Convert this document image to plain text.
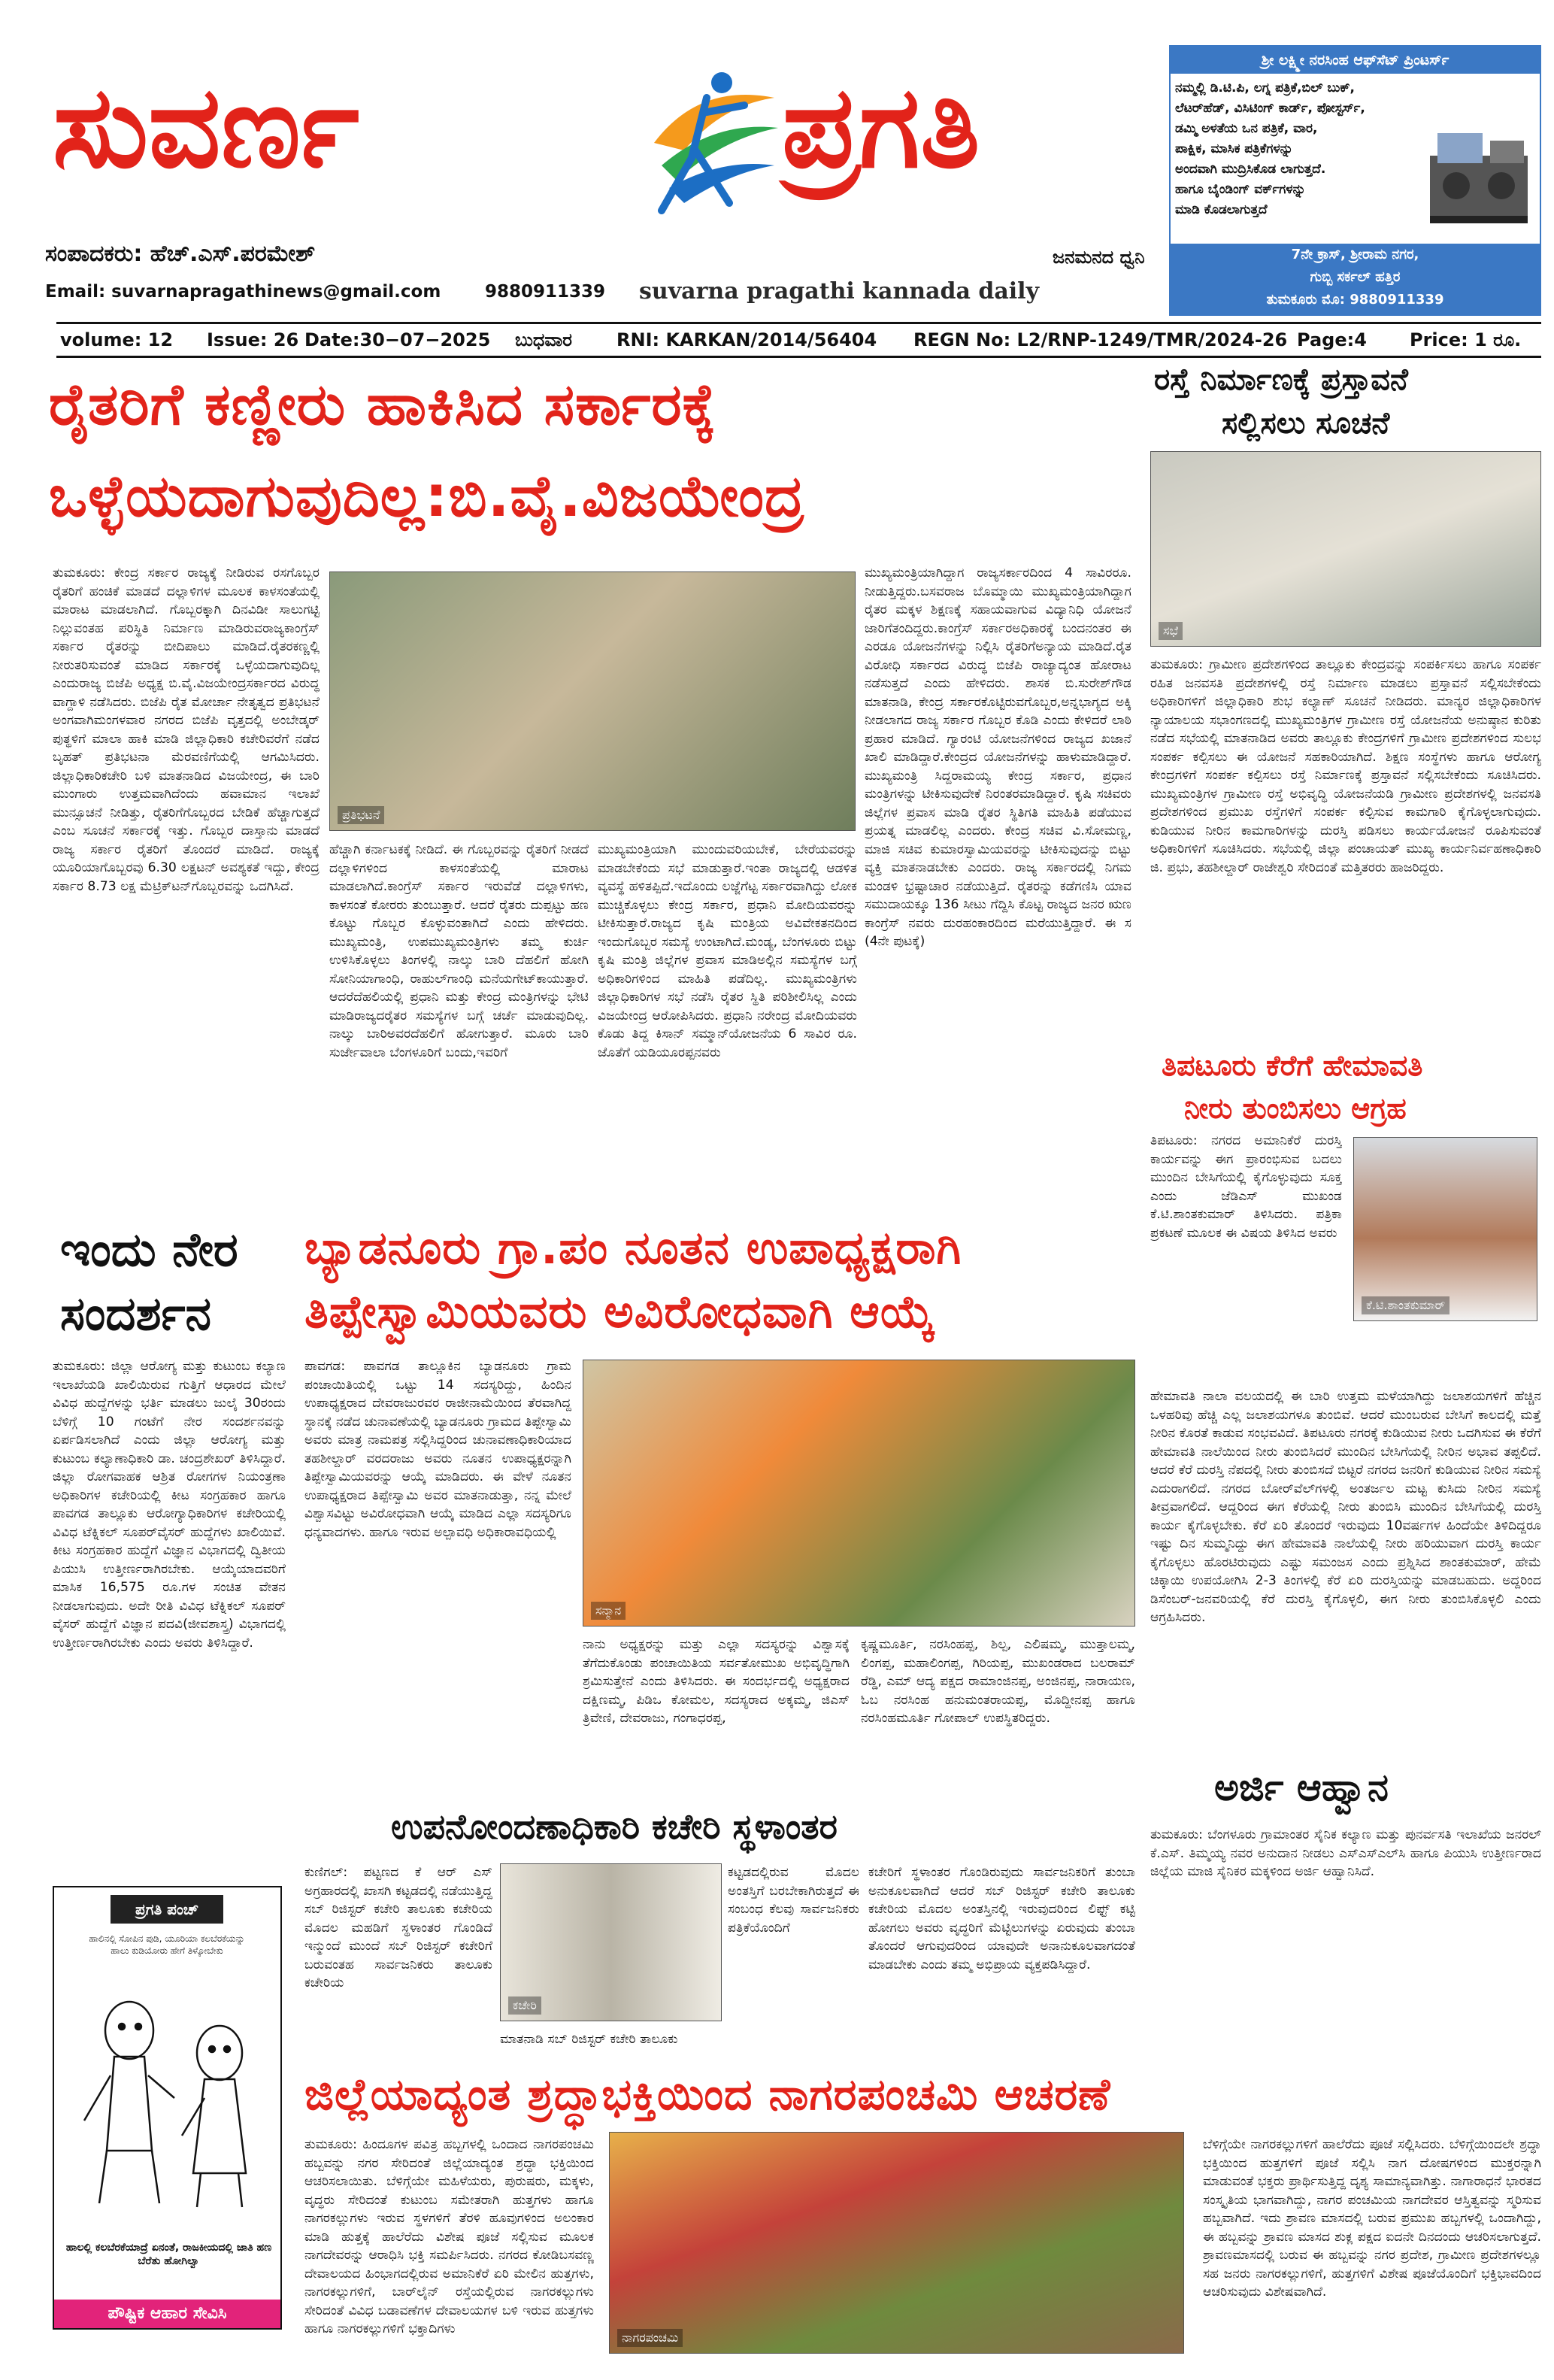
ಸುವರ್ಣ	ಪ್ರಗತಿ
ಸಂಪಾದಕರು: ಹೆಚ್.ಎಸ್.ಪರಮೇಶ್	ಜನಮನದ ಧ್ವನಿ
Email: suvarnapragathinews@gmail.com	9880911339 suvarna pragathi kannada daily
ಶ್ರೀ ಲಕ್ಷ್ಮೀ ನರಸಿಂಹ ಆಫ್‌ಸೆಟ್ ಪ್ರಿಂಟರ್ಸ್
ನಮ್ಮಲ್ಲಿ ಡಿ.ಟಿ.ಪಿ, ಲಗ್ನ ಪತ್ರಿಕೆ,ಬಿಲ್ ಬುಕ್,
ಲೆಟರ್‌ಹೆಡ್, ವಿಸಿಟಿಂಗ್ ಕಾರ್ಡ್, ಪೋಸ್ಟರ್ಸ್,
ಡಮ್ಮಿ ಅಳತೆಯ ಒನ ಪತ್ರಿಕೆ, ವಾರ,
ಪಾಕ್ಷಿಕ, ಮಾಸಿಕ ಪತ್ರಿಕೆಗಳನ್ನು
ಅಂದವಾಗಿ ಮುದ್ರಿಸಿಕೊಡ ಲಾಗುತ್ತದೆ.
ಹಾಗೂ ಬೈಂಡಿಂಗ್ ವರ್ಕ್‌ಗಳನ್ನು
ಮಾಡಿ ಕೊಡಲಾಗುತ್ತದೆ
7ನೇ ಕ್ರಾಸ್, ಶ್ರೀರಾಮ ನಗರ,
ಗುಬ್ಬಿ ಸರ್ಕಲ್ ಹತ್ತಿರ
ತುಮಕೂರು ಮೊ: 9880911339
volume: 12 Issue: 26 Date:30−07−2025 ಬುಧವಾರ RNI: KARKAN/2014/56404 REGN No: L2/RNP-1249/TMR/2024-26 Page:4 Price: 1 ರೂ.
ರೈತರಿಗೆ ಕಣ್ಣೀರು ಹಾಕಿಸಿದ ಸರ್ಕಾರಕ್ಕೆ
ಒಳ್ಳೆಯದಾಗುವುದಿಲ್ಲ:ಬಿ.ವೈ.ವಿಜಯೇಂದ್ರ
ತುಮಕೂರು: ಕೇಂದ್ರ ಸರ್ಕಾರ ರಾಜ್ಯಕ್ಕೆ ನೀಡಿರುವ ರಸಗೊಬ್ಬರ ರೈತರಿಗೆ ಹಂಚಿಕೆ ಮಾಡದೆ ದಲ್ಲಾಳಿಗಳ ಮೂಲಕ ಕಾಳಸಂತೆಯಲ್ಲಿ ಮಾರಾಟ ಮಾಡಲಾಗಿದೆ. ಗೊಬ್ಬರಕ್ಕಾಗಿ ದಿನವಿಡೀ ಸಾಲುಗಟ್ಟಿ ನಿಲ್ಲುವಂತಹ ಪರಿಸ್ಥಿತಿ ನಿರ್ಮಾಣ ಮಾಡಿರುವರಾಜ್ಯಕಾಂಗ್ರೆಸ್ ಸರ್ಕಾರ ರೈತರನ್ನು ಬೀದಿಪಾಲು ಮಾಡಿದೆ.ರೈತರಕಣ್ಣಲ್ಲಿ ನೀರುತರಿಸುವಂತೆ ಮಾಡಿದ ಸರ್ಕಾರಕ್ಕೆ ಒಳ್ಳೆಯದಾಗುವುದಿಲ್ಲ ಎಂದುರಾಜ್ಯ ಬಿಜೆಪಿ ಅಧ್ಯಕ್ಷ ಬಿ.ವೈ.ವಿಜಯೇಂದ್ರಸರ್ಕಾರದ ವಿರುದ್ಧ ವಾಗ್ದಾಳಿ ನಡೆಸಿದರು. ಬಿಜೆಪಿ ರೈತ ಮೋರ್ಚಾ ನೇತೃತ್ವದ ಪ್ರತಿಭಟನೆ ಅಂಗವಾಗಿಮಂಗಳವಾರ ನಗರದ ಬಿಜೆಪಿ ವೃತ್ತದಲ್ಲಿ ಅಂಬೇಡ್ಕರ್ ಪುತ್ಥಳಿಗೆ ಮಾಲಾ ಹಾಕಿ ಮಾಡಿ ಜಿಲ್ಲಾಧಿಕಾರಿ ಕಚೇರಿವರೆಗೆ ನಡೆದ ಬೃಹತ್ ಪ್ರತಿಭಟನಾ ಮೆರವಣಿಗೆಯಲ್ಲಿ ಆಗಮಿಸಿದರು. ಜಿಲ್ಲಾಧಿಕಾರಿಕಚೇರಿ ಬಳಿ ಮಾತನಾಡಿದ ವಿಜಯೇಂದ್ರ, ಈ ಬಾರಿ ಮುಂಗಾರು ಉತ್ತಮವಾಗಿದೆಂದು ಹವಾಮಾನ ಇಲಾಖೆ ಮುನ್ಸೂಚನೆ ನೀಡಿತ್ತು, ರೈತರಿಗೆಗೊಬ್ಬರದ ಬೇಡಿಕೆ ಹೆಚ್ಚಾಗುತ್ತದೆ ಎಂಬ ಸೂಚನೆ ಸರ್ಕಾರಕ್ಕೆ ಇತ್ತು. ಗೊಬ್ಬರ ದಾಸ್ತಾನು ಮಾಡದೆ ರಾಜ್ಯ ಸರ್ಕಾರ ರೈತರಿಗೆ ತೊಂದರೆ ಮಾಡಿದೆ. ರಾಜ್ಯಕ್ಕೆ ಯೂರಿಯಾಗೊಬ್ಬರವು 6.30 ಲಕ್ಷಟನ್ ಅವಶ್ಯಕತೆ ಇದ್ದು, ಕೇಂದ್ರ ಸರ್ಕಾರ 8.73 ಲಕ್ಷ ಮೆಟ್ರಿಕ್‌ಟನ್‌ಗೊಬ್ಬರವನ್ನು ಒದಗಿಸಿದೆ.
ಪ್ರತಿಭಟನೆ
ಹೆಚ್ಚಾಗಿ ಕರ್ನಾಟಕಕ್ಕೆ ನೀಡಿದೆ. ಈ ಗೊಬ್ಬರವನ್ನು ರೈತರಿಗೆ ನೀಡದೆ ದಲ್ಲಾಳಿಗಳಿಂದ ಕಾಳಸಂತೆಯಲ್ಲಿ ಮಾರಾಟ ಮಾಡಲಾಗಿದೆ.ಕಾಂಗ್ರೆಸ್ ಸರ್ಕಾರ ಇರುವೆಡೆ ದಲ್ಲಾಳಿಗಳು, ಕಾಳಸಂತೆ ಕೋರರು ತುಂಬುತ್ತಾರೆ. ಆದರೆ ರೈತರು ದುಪ್ಪಟ್ಟು ಹಣ ಕೊಟ್ಟು ಗೊಬ್ಬರ ಕೊಳ್ಳುವಂತಾಗಿದೆ ಎಂದು ಹೇಳಿದರು. ಮುಖ್ಯಮಂತ್ರಿ, ಉಪಮುಖ್ಯಮಂತ್ರಿಗಳು ತಮ್ಮ ಕುರ್ಚಿ ಉಳಿಸಿಕೊಳ್ಳಲು ತಿಂಗಳಲ್ಲಿ ನಾಲ್ಕು ಬಾರಿ ದೆಹಲಿಗೆ ಹೋಗಿ ಸೋನಿಯಾಗಾಂಧಿ, ರಾಹುಲ್‌ಗಾಂಧಿ ಮನೆಯಗೇಟ್‌ಕಾಯುತ್ತಾರೆ. ಆದರೆದೆಹಲಿಯಲ್ಲಿ ಪ್ರಧಾನಿ ಮತ್ತು ಕೇಂದ್ರ ಮಂತ್ರಿಗಳನ್ನು ಭೇಟಿ ಮಾಡಿರಾಜ್ಯದರೈತರ ಸಮಸ್ಯೆಗಳ ಬಗ್ಗೆ ಚರ್ಚೆ ಮಾಡುವುದಿಲ್ಲ. ನಾಲ್ಕು ಬಾರಿಅವರದೆಹಲಿಗೆ ಹೋಗುತ್ತಾರೆ. ಮೂರು ಬಾರಿ ಸುರ್ಜೇವಾಲಾ ಬೆಂಗಳೂರಿಗೆ ಬಂದು,ಇವರಿಗೆ
ಮುಖ್ಯಮಂತ್ರಿಯಾಗಿ ಮುಂದುವರಿಯಬೇಕೆ, ಬೇರೆಯವರನ್ನು ಮಾಡಬೇಕೆಂದು ಸಭೆ ಮಾಡುತ್ತಾರೆ.ಇಂತಾ ರಾಜ್ಯದಲ್ಲಿ ಆಡಳಿತ ವ್ಯವಸ್ಥೆ ಹಳಿತಪ್ಪಿದೆ.ಇದೊಂದು ಲಜ್ಜೆಗೆಟ್ಟ ಸರ್ಕಾರವಾಗಿದ್ದು ಲೋಕ ಮುಚ್ಚಿಕೊಳ್ಳಲು ಕೇಂದ್ರ ಸರ್ಕಾರ, ಪ್ರಧಾನಿ ಮೋದಿಯವರನ್ನು ಟೀಕಿಸುತ್ತಾರೆ.ರಾಜ್ಯದ ಕೃಷಿ ಮಂತ್ರಿಯ ಅವಿವೇಕತನದಿಂದ ಇಂದುಗೊಬ್ಬರ ಸಮಸ್ಯೆ ಉಂಟಾಗಿದೆ.ಮಂಡ್ಯ, ಬೆಂಗಳೂರು ಬಿಟ್ಟು ಕೃಷಿ ಮಂತ್ರಿ ಜಿಲ್ಲೆಗಳ ಪ್ರವಾಸ ಮಾಡಿಅಲ್ಲಿನ ಸಮಸ್ಯೆಗಳ ಬಗ್ಗೆ ಅಧಿಕಾರಿಗಳಿಂದ ಮಾಹಿತಿ ಪಡೆದಿಲ್ಲ. ಮುಖ್ಯಮಂತ್ರಿಗಳು ಜಿಲ್ಲಾಧಿಕಾರಿಗಳ ಸಭೆ ನಡೆಸಿ ರೈತರ ಸ್ಥಿತಿ ಪರಿಶೀಲಿಸಿಲ್ಲ ಎಂದು ವಿಜಯೇಂದ್ರ ಆರೋಪಿಸಿದರು. ಪ್ರಧಾನಿ ನರೇಂದ್ರ ಮೋದಿಯವರು ಕೊಡು ತಿದ್ದ ಕಿಸಾನ್ ಸಮ್ಮಾನ್‌ಯೋಜನೆಯ 6 ಸಾವಿರ ರೂ. ಜೊತೆಗೆ ಯಡಿಯೂರಪ್ಪನವರು
ಮುಖ್ಯಮಂತ್ರಿಯಾಗಿದ್ದಾಗ ರಾಜ್ಯಸರ್ಕಾರದಿಂದ 4 ಸಾವಿರರೂ. ನೀಡುತ್ತಿದ್ದರು.ಬಸವರಾಜ ಬೊಮ್ಮಾಯಿ ಮುಖ್ಯಮಂತ್ರಿಯಾಗಿದ್ದಾಗ ರೈತರ ಮಕ್ಕಳ ಶಿಕ್ಷಣಕ್ಕೆ ಸಹಾಯವಾಗುವ ವಿದ್ಯಾನಿಧಿ ಯೋಜನೆ ಜಾರಿಗೆತಂದಿದ್ದರು.ಕಾಂಗ್ರೆಸ್ ಸರ್ಕಾರಅಧಿಕಾರಕ್ಕೆ ಬಂದನಂತರ ಈ ಎರಡೂ ಯೋಜನೆಗಳನ್ನು ನಿಲ್ಲಿಸಿ ರೈತರಿಗೆಅನ್ಯಾಯ ಮಾಡಿದೆ.ರೈತ ವಿರೋಧಿ ಸರ್ಕಾರದ ವಿರುದ್ಧ ಬಿಜೆಪಿ ರಾಜ್ಯಾದ್ಯಂತ ಹೋರಾಟ ನಡೆಸುತ್ತದೆ ಎಂದು ಹೇಳಿದರು. ಶಾಸಕ ಬಿ.ಸುರೇಶ್‌ಗೌಡ ಮಾತನಾಡಿ, ಕೇಂದ್ರ ಸರ್ಕಾರಕೊಟ್ಟಿರುವಗೊಬ್ಬರ,ಅನ್ನಭಾಗ್ಯದ ಅಕ್ಕಿ ನೀಡಲಾಗದ ರಾಜ್ಯ ಸರ್ಕಾರ ಗೊಬ್ಬರ ಕೊಡಿ ಎಂದು ಕೇಳಿದರೆ ಲಾಠಿ ಪ್ರಹಾರ ಮಾಡಿದೆ. ಗ್ಯಾರಂಟಿ ಯೋಜನೆಗಳಿಂದ ರಾಜ್ಯದ ಖಜಾನೆ ಖಾಲಿ ಮಾಡಿದ್ದಾರೆ.ಕೇಂದ್ರದ ಯೋಜನೆಗಳನ್ನು ಹಾಳುಮಾಡಿದ್ದಾರೆ. ಮುಖ್ಯಮಂತ್ರಿ ಸಿದ್ದರಾಮಯ್ಯ ಕೇಂದ್ರ ಸರ್ಕಾರ, ಪ್ರಧಾನ ಮಂತ್ರಿಗಳನ್ನು ಟೀಕಿಸುವುದೇಕೆ ನಿರಂತರಮಾಡಿದ್ದಾರೆ. ಕೃಷಿ ಸಚಿವರು ಜಿಲ್ಲೆಗಳ ಪ್ರವಾಸ ಮಾಡಿ ರೈತರ ಸ್ಥಿತಿಗತಿ ಮಾಹಿತಿ ಪಡೆಯುವ ಪ್ರಯತ್ನ ಮಾಡಲಿಲ್ಲ ಎಂದರು. ಕೇಂದ್ರ ಸಚಿವ ವಿ.ಸೋಮಣ್ಣ, ಮಾಜಿ ಸಚಿವ ಕುಮಾರಸ್ವಾಮಿಯವರನ್ನು ಟೀಕಿಸುವುದನ್ನು ಬಿಟ್ಟು ವ್ಯಕ್ತಿ ಮಾತನಾಡಬೇಕು ಎಂದರು. ರಾಜ್ಯ ಸರ್ಕಾರದಲ್ಲಿ ನಿಗಮ ಮಂಡಳಿ ಭ್ರಷ್ಟಾಚಾರ ನಡೆಯುತ್ತಿದೆ. ರೈತರನ್ನು ಕಡೆಗಣಿಸಿ ಯಾವ ಸಮುದಾಯಕ್ಕೂ 136 ಸೀಟು ಗೆದ್ದಿಸಿ ಕೊಟ್ಟ ರಾಜ್ಯದ ಜನರ ಋಣ ಕಾಂಗ್ರೆಸ್ ನವರು ದುರಹಂಕಾರದಿಂದ ಮರೆಯುತ್ತಿದ್ದಾರೆ. ಈ ಸ (4ನೇ ಪುಟಕ್ಕೆ)
ರಸ್ತೆ ನಿರ್ಮಾಣಕ್ಕೆ ಪ್ರಸ್ತಾವನೆ
ಸಲ್ಲಿಸಲು ಸೂಚನೆ
ಸಭೆ
ತುಮಕೂರು: ಗ್ರಾಮೀಣ ಪ್ರದೇಶಗಳಿಂದ ತಾಲ್ಲೂಕು ಕೇಂದ್ರವನ್ನು ಸಂಪರ್ಕಿಸಲು ಹಾಗೂ ಸಂಪರ್ಕ ರಹಿತ ಜನವಸತಿ ಪ್ರದೇಶಗಳಲ್ಲಿ ರಸ್ತೆ ನಿರ್ಮಾಣ ಮಾಡಲು ಪ್ರಸ್ತಾವನೆ ಸಲ್ಲಿಸಬೇಕೆಂದು ಅಧಿಕಾರಿಗಳಿಗೆ ಜಿಲ್ಲಾಧಿಕಾರಿ ಶುಭ ಕಲ್ಯಾಣ್ ಸೂಚನೆ ನೀಡಿದರು. ಮಾನ್ಯರ ಜಿಲ್ಲಾಧಿಕಾರಿಗಳ ನ್ಯಾಯಾಲಯ ಸಭಾಂಗಣದಲ್ಲಿ ಮುಖ್ಯಮಂತ್ರಿಗಳ ಗ್ರಾಮೀಣ ರಸ್ತೆ ಯೋಜನೆಯ ಅನುಷ್ಠಾನ ಕುರಿತು ನಡೆದ ಸಭೆಯಲ್ಲಿ ಮಾತನಾಡಿದ ಅವರು ತಾಲ್ಲೂಕು ಕೇಂದ್ರಗಳಿಗೆ ಗ್ರಾಮೀಣ ಪ್ರದೇಶಗಳಿಂದ ಸುಲಭ ಸಂಪರ್ಕ ಕಲ್ಪಿಸಲು ಈ ಯೋಜನೆ ಸಹಕಾರಿಯಾಗಿದೆ. ಶಿಕ್ಷಣ ಸಂಸ್ಥೆಗಳು ಹಾಗೂ ಆರೋಗ್ಯ ಕೇಂದ್ರಗಳಿಗೆ ಸಂಪರ್ಕ ಕಲ್ಪಿಸಲು ರಸ್ತೆ ನಿರ್ಮಾಣಕ್ಕೆ ಪ್ರಸ್ತಾವನೆ ಸಲ್ಲಿಸಬೇಕೆಂದು ಸೂಚಿಸಿದರು. ಮುಖ್ಯಮಂತ್ರಿಗಳ ಗ್ರಾಮೀಣ ರಸ್ತೆ ಅಭಿವೃದ್ಧಿ ಯೋಜನೆಯಡಿ ಗ್ರಾಮೀಣ ಪ್ರದೇಶಗಳಲ್ಲಿ ಜನವಸತಿ ಪ್ರದೇಶಗಳಿಂದ ಪ್ರಮುಖ ರಸ್ತೆಗಳಿಗೆ ಸಂಪರ್ಕ ಕಲ್ಪಿಸುವ ಕಾಮಗಾರಿ ಕೈಗೊಳ್ಳಲಾಗುವುದು. ಕುಡಿಯುವ ನೀರಿನ ಕಾಮಗಾರಿಗಳನ್ನು ದುರಸ್ತಿ ಪಡಿಸಲು ಕಾರ್ಯಯೋಜನೆ ರೂಪಿಸುವಂತೆ ಅಧಿಕಾರಿಗಳಿಗೆ ಸೂಚಿಸಿದರು. ಸಭೆಯಲ್ಲಿ ಜಿಲ್ಲಾ ಪಂಚಾಯತ್ ಮುಖ್ಯ ಕಾರ್ಯನಿರ್ವಹಣಾಧಿಕಾರಿ ಜಿ. ಪ್ರಭು, ತಹಶೀಲ್ದಾರ್ ರಾಜೇಶ್ವರಿ ಸೇರಿದಂತೆ ಮತ್ತಿತರರು ಹಾಜರಿದ್ದರು.
ತಿಪಟೂರು ಕೆರೆಗೆ ಹೇಮಾವತಿ
ನೀರು ತುಂಬಿಸಲು ಆಗ್ರಹ
ತಿಪಟೂರು: ನಗರದ ಅಮಾನಿಕೆರೆ ದುರಸ್ತಿ ಕಾರ್ಯವನ್ನು ಈಗ ಪ್ರಾರಂಭಿಸುವ ಬದಲು ಮುಂದಿನ ಬೇಸಿಗೆಯಲ್ಲಿ ಕೈಗೊಳ್ಳುವುದು ಸೂಕ್ತ ಎಂದು ಜೆಡಿಎಸ್ ಮುಖಂಡ ಕೆ.ಟಿ.ಶಾಂತಕುಮಾರ್ ತಿಳಿಸಿದರು. ಪತ್ರಿಕಾ ಪ್ರಕಟಣೆ ಮೂಲಕ ಈ ವಿಷಯ ತಿಳಿಸಿದ ಅವರು
ಕೆ.ಟಿ.ಶಾಂತಕುಮಾರ್
ಹೇಮಾವತಿ ನಾಲಾ ವಲಯದಲ್ಲಿ ಈ ಬಾರಿ ಉತ್ತಮ ಮಳೆಯಾಗಿದ್ದು ಜಲಾಶಯಗಳಿಗೆ ಹೆಚ್ಚಿನ ಒಳಹರಿವು ಹೆಚ್ಚಿ ಎಲ್ಲ ಜಲಾಶಯಗಳೂ ತುಂಬಿವೆ. ಆದರೆ ಮುಂಬರುವ ಬೇಸಿಗೆ ಕಾಲದಲ್ಲಿ ಮತ್ತೆ ನೀರಿನ ಕೊರತೆ ಕಾಡುವ ಸಂಭವವಿದೆ. ತಿಪಟೂರು ನಗರಕ್ಕೆ ಕುಡಿಯುವ ನೀರು ಒದಗಿಸುವ ಈ ಕೆರೆಗೆ ಹೇಮಾವತಿ ನಾಲೆಯಿಂದ ನೀರು ತುಂಬಿಸಿದರೆ ಮುಂದಿನ ಬೇಸಿಗೆಯಲ್ಲಿ ನೀರಿನ ಅಭಾವ ತಪ್ಪಲಿದೆ. ಆದರೆ ಕೆರೆ ದುರಸ್ತಿ ನೆಪದಲ್ಲಿ ನೀರು ತುಂಬಿಸದೆ ಬಿಟ್ಟರೆ ನಗರದ ಜನರಿಗೆ ಕುಡಿಯುವ ನೀರಿನ ಸಮಸ್ಯೆ ಎದುರಾಗಲಿದೆ. ನಗರದ ಬೋರ್‌ವೆಲ್‌ಗಳಲ್ಲಿ ಅಂತರ್ಜಲ ಮಟ್ಟ ಕುಸಿದು ನೀರಿನ ಸಮಸ್ಯೆ ತೀವ್ರವಾಗಲಿದೆ. ಆದ್ದರಿಂದ ಈಗ ಕೆರೆಯಲ್ಲಿ ನೀರು ತುಂಬಿಸಿ ಮುಂದಿನ ಬೇಸಿಗೆಯಲ್ಲಿ ದುರಸ್ತಿ ಕಾರ್ಯ ಕೈಗೊಳ್ಳಬೇಕು. ಕೆರೆ ಏರಿ ತೊಂದರೆ ಇರುವುದು 10ವರ್ಷಗಳ ಹಿಂದೆಯೇ ತಿಳಿದಿದ್ದರೂ ಇಷ್ಟು ದಿನ ಸುಮ್ಮನಿದ್ದು ಈಗ ಹೇಮಾವತಿ ನಾಲೆಯಲ್ಲಿ ನೀರು ಹರಿಯುವಾಗ ದುರಸ್ತಿ ಕಾರ್ಯ ಕೈಗೊಳ್ಳಲು ಹೊರಟಿರುವುದು ಎಷ್ಟು ಸಮಂಜಸ ಎಂದು ಪ್ರಶ್ನಿಸಿದ ಶಾಂತಕುಮಾರ್, ಹೇಮೆ ಚಿಕ್ಕಾಯಿ ಉಪಯೋಗಿಸಿ 2-3 ತಿಂಗಳಲ್ಲಿ ಕೆರೆ ಏರಿ ದುರಸ್ತಿಯನ್ನು ಮಾಡಬಹುದು. ಅದ್ದರಿಂದ ಡಿಸೆಂಬರ್-ಜನವರಿಯಲ್ಲಿ ಕೆರೆ ದುರಸ್ತಿ ಕೈಗೊಳ್ಳಲಿ, ಈಗ ನೀರು ತುಂಬಿಸಿಕೊಳ್ಳಲಿ ಎಂದು ಆಗ್ರಹಿಸಿದರು.
ಇಂದು ನೇರ
ಸಂದರ್ಶನ
ಬ್ಯಾಡನೂರು ಗ್ರಾ.ಪಂ ನೂತನ ಉಪಾಧ್ಯಕ್ಷರಾಗಿ
ತಿಪ್ಪೇಸ್ವಾಮಿಯವರು ಅವಿರೋಧವಾಗಿ ಆಯ್ಕೆ
ತುಮಕೂರು: ಜಿಲ್ಲಾ ಆರೋಗ್ಯ ಮತ್ತು ಕುಟುಂಬ ಕಲ್ಯಾಣ ಇಲಾಖೆಯಡಿ ಖಾಲಿಯಿರುವ ಗುತ್ತಿಗೆ ಆಧಾರದ ಮೇಲೆ ವಿವಿಧ ಹುದ್ದೆಗಳನ್ನು ಭರ್ತಿ ಮಾಡಲು ಜುಲೈ 30ರಂದು ಬೆಳಿಗ್ಗೆ 10 ಗಂಟೆಗೆ ನೇರ ಸಂದರ್ಶನವನ್ನು ಏರ್ಪಡಿಸಲಾಗಿದೆ ಎಂದು ಜಿಲ್ಲಾ ಆರೋಗ್ಯ ಮತ್ತು ಕುಟುಂಬ ಕಲ್ಯಾಣಾಧಿಕಾರಿ ಡಾ. ಚಂದ್ರಶೇಖರ್ ತಿಳಿಸಿದ್ದಾರೆ. ಜಿಲ್ಲಾ ರೋಗವಾಹಕ ಆಶ್ರಿತ ರೋಗಗಳ ನಿಯಂತ್ರಣಾ ಅಧಿಕಾರಿಗಳ ಕಚೇರಿಯಲ್ಲಿ ಕೀಟ ಸಂಗ್ರಹಕಾರ ಹಾಗೂ ಪಾವಗಡ ತಾಲ್ಲೂಕು ಆರೋಗ್ಯಾಧಿಕಾರಿಗಳ ಕಚೇರಿಯಲ್ಲಿ ವಿವಿಧ ಟೆಕ್ನಿಕಲ್ ಸೂಪರ್‌ವೈಸರ್ ಹುದ್ದೆಗಳು ಖಾಲಿಯಿವೆ. ಕೀಟ ಸಂಗ್ರಹಕಾರ ಹುದ್ದೆಗೆ ವಿಜ್ಞಾನ ವಿಭಾಗದಲ್ಲಿ ದ್ವಿತೀಯ ಪಿಯುಸಿ ಉತ್ತೀರ್ಣರಾಗಿರಬೇಕು. ಆಯ್ಕೆಯಾದವರಿಗೆ ಮಾಸಿಕ 16,575 ರೂ.ಗಳ ಸಂಚಿತ ವೇತನ ನೀಡಲಾಗುವುದು. ಅದೇ ರೀತಿ ವಿವಿಧ ಟೆಕ್ನಿಕಲ್ ಸೂಪರ್ ವೈಸರ್ ಹುದ್ದೆಗೆ ವಿಜ್ಞಾನ ಪದವಿ(ಜೀವಶಾಸ್ತ್ರ) ವಿಭಾಗದಲ್ಲಿ ಉತ್ತೀರ್ಣರಾಗಿರಬೇಕು ಎಂದು ಅವರು ತಿಳಿಸಿದ್ದಾರೆ.
ಪಾವಗಡ: ಪಾವಗಡ ತಾಲ್ಲೂಕಿನ ಬ್ಯಾಡನೂರು ಗ್ರಾಮ ಪಂಚಾಯಿತಿಯಲ್ಲಿ ಒಟ್ಟು 14 ಸದಸ್ಯರಿದ್ದು, ಹಿಂದಿನ ಉಪಾಧ್ಯಕ್ಷರಾದ ದೇವರಾಜುರವರ ರಾಜೀನಾಮೆಯಿಂದ ತೆರವಾಗಿದ್ದ ಸ್ಥಾನಕ್ಕೆ ನಡೆದ ಚುನಾವಣೆಯಲ್ಲಿ ಬ್ಯಾಡನೂರು ಗ್ರಾಮದ ತಿಪ್ಪೇಸ್ವಾಮಿ ಅವರು ಮಾತ್ರ ನಾಮಪತ್ರ ಸಲ್ಲಿಸಿದ್ದರಿಂದ ಚುನಾವಣಾಧಿಕಾರಿಯಾದ ತಹಶೀಲ್ದಾರ್ ವರದರಾಜು ಅವರು ನೂತನ ಉಪಾಧ್ಯಕ್ಷರನ್ನಾಗಿ ತಿಪ್ಪೇಸ್ವಾಮಿಯವರನ್ನು ಆಯ್ಕೆ ಮಾಡಿದರು. ಈ ವೇಳೆ ನೂತನ ಉಪಾಧ್ಯಕ್ಷರಾದ ತಿಪ್ಪೇಸ್ವಾಮಿ ಅವರ ಮಾತನಾಡುತ್ತಾ, ನನ್ನ ಮೇಲೆ ವಿಶ್ವಾಸವಿಟ್ಟು ಅವಿರೋಧವಾಗಿ ಆಯ್ಕೆ ಮಾಡಿದ ಎಲ್ಲಾ ಸದಸ್ಯರಿಗೂ ಧನ್ಯವಾದಗಳು. ಹಾಗೂ ಇರುವ ಅಲ್ಪಾವಧಿ ಅಧಿಕಾರಾವಧಿಯಲ್ಲಿ
ಸನ್ಮಾನ
ನಾನು ಅಧ್ಯಕ್ಷರನ್ನು ಮತ್ತು ಎಲ್ಲಾ ಸದಸ್ಯರನ್ನು ವಿಶ್ವಾಸಕ್ಕೆ ತೆಗೆದುಕೊಂಡು ಪಂಚಾಯಿತಿಯ ಸರ್ವತೋಮುಖ ಅಭಿವೃದ್ಧಿಗಾಗಿ ಶ್ರಮಿಸುತ್ತೇನೆ ಎಂದು ತಿಳಿಸಿದರು. ಈ ಸಂದರ್ಭದಲ್ಲಿ ಅಧ್ಯಕ್ಷರಾದ ದಕ್ಷಿಣಮ್ಮ, ಪಿಡಿಒ ಕೋಮಲ, ಸದಸ್ಯರಾದ ಅಕ್ಕಮ್ಮ, ಜಿಎಸ್ ತ್ರಿವೇಣಿ, ದೇವರಾಜು, ಗಂಗಾಧರಪ್ಪ,
ಕೃಷ್ಣಮೂರ್ತಿ, ನರಸಿಂಹಪ್ಪ, ಶಿಲ್ಪ, ಎಲಿಷಮ್ಮ, ಮುತ್ತಾಲಮ್ಮ, ಲಿಂಗಪ್ಪ, ಮಹಾಲಿಂಗಪ್ಪ, ಗಿರಿಯಪ್ಪ, ಮುಖಂಡರಾದ ಬಲರಾಮ್ ರೆಡ್ಡಿ, ಎಮ್ ಆದ್ಯ ಪಕ್ಷದ ರಾಮಾಂಜಿನಪ್ಪ, ಅಂಜಿನಪ್ಪ, ನಾರಾಯಣ, ಓಬ ನರಸಿಂಹ ಹನುಮಂತರಾಯಪ್ಪ, ಮೊದ್ದೀನಪ್ಪ ಹಾಗೂ ನರಸಿಂಹಮೂರ್ತಿ ಗೋಪಾಲ್ ಉಪಸ್ಥಿತರಿದ್ದರು.
ಉಪನೋಂದಣಾಧಿಕಾರಿ ಕಚೇರಿ ಸ್ಥಳಾಂತರ
ಕುಣಿಗಲ್: ಪಟ್ಟಣದ ಕೆ ಆರ್ ಎಸ್ ಅಗ್ರಹಾರದಲ್ಲಿ ಖಾಸಗಿ ಕಟ್ಟಡದಲ್ಲಿ ನಡೆಯುತ್ತಿದ್ದ ಸಬ್ ರಿಜಿಸ್ಟರ್ ಕಚೇರಿ ತಾಲೂಕು ಕಚೇರಿಯ ಮೊದಲ ಮಹಡಿಗೆ ಸ್ಥಳಾಂತರ ಗೊಂಡಿದೆ ಇನ್ಮುಂದೆ ಮುಂದೆ ಸಬ್ ರಿಜಿಸ್ಟರ್ ಕಚೇರಿಗೆ ಬರುವಂತಹ ಸಾರ್ವಜನಿಕರು ತಾಲೂಕು ಕಚೇರಿಯ
ಕಚೇರಿ
ಕಟ್ಟಡದಲ್ಲಿರುವ ಮೊದಲ ಅಂತಸ್ತಿಗೆ ಬರಬೇಕಾಗಿರುತ್ತದೆ ಈ ಸಂಬಂಧ ಕೆಲವು ಸಾರ್ವಜನಿಕರು ಪತ್ರಿಕೆಯೊಂದಿಗೆ
ಮಾತನಾಡಿ ಸಬ್ ರಿಜಿಸ್ಟರ್ ಕಚೇರಿ ತಾಲೂಕು
ಕಚೇರಿಗೆ ಸ್ಥಳಾಂತರ ಗೊಂಡಿರುವುದು ಸಾರ್ವಜನಿಕರಿಗೆ ತುಂಬಾ ಅನುಕೂಲವಾಗಿದೆ ಆದರೆ ಸಬ್ ರಿಜಿಸ್ಟರ್ ಕಚೇರಿ ತಾಲೂಕು ಕಚೇರಿಯ ಮೊದಲ ಅಂತಸ್ತಿನಲ್ಲಿ ಇರುವುದರಿಂದ ಲಿಫ್ಟ್ ಕಟ್ಟಿ ಹೋಗಲು ಅವರು ವೃದ್ಧರಿಗೆ ಮೆಟ್ಟಿಲುಗಳನ್ನು ಏರುವುದು ತುಂಬಾ ತೊಂದರೆ ಆಗುವುದರಿಂದ ಯಾವುದೇ ಅನಾನುಕೂಲವಾಗದಂತೆ ಮಾಡಬೇಕು ಎಂದು ತಮ್ಮ ಅಭಿಪ್ರಾಯ ವ್ಯಕ್ತಪಡಿಸಿದ್ದಾರೆ.
ಅರ್ಜಿ ಆಹ್ವಾನ
ತುಮಕೂರು: ಬೆಂಗಳೂರು ಗ್ರಾಮಾಂತರ ಸೈನಿಕ ಕಲ್ಯಾಣ ಮತ್ತು ಪುನರ್ವಸತಿ ಇಲಾಖೆಯ ಜನರಲ್ ಕೆ.ಎಸ್. ತಿಮ್ಮಯ್ಯ ನವರ ಅನುದಾನ ನೀಡಲು ಎಸ್‌ಎಸ್‌ಎಲ್‌ಸಿ ಹಾಗೂ ಪಿಯುಸಿ ಉತ್ತೀರ್ಣರಾದ ಜಿಲ್ಲೆಯ ಮಾಜಿ ಸೈನಿಕರ ಮಕ್ಕಳಿಂದ ಅರ್ಜಿ ಆಹ್ವಾನಿಸಿದೆ.
ಪ್ರಗತಿ ಪಂಚ್
ಹಾಲಿನಲ್ಲಿ ಸೋಪಿನ ಪುಡಿ, ಯೂರಿಯಾ ಕಲಬೆರಕೆಯನ್ನು ಹಾಲು ಕುಡಿಯೋರು ಹೇಗೆ ತಿಳ್ಕೋಬೇಕು
ಹಾಲಲ್ಲಿ ಕಲಬೆರಕೆಯಾದ್ರೆ ಏನಂತೆ, ರಾಜಕೀಯದಲ್ಲಿ ಜಾತಿ ಹಣ ಬೆರೆತು ಹೋಗಿಲ್ವಾ
ಪೌಷ್ಟಿಕ ಆಹಾರ ಸೇವಿಸಿ
ಜಿಲ್ಲೆಯಾದ್ಯಂತ ಶ್ರದ್ಧಾಭಕ್ತಿಯಿಂದ ನಾಗರಪಂಚಮಿ ಆಚರಣೆ
ತುಮಕೂರು: ಹಿಂದೂಗಳ ಪವಿತ್ರ ಹಬ್ಬಗಳಲ್ಲಿ ಒಂದಾದ ನಾಗರಪಂಚಮಿ ಹಬ್ಬವನ್ನು ನಗರ ಸೇರಿದಂತೆ ಜಿಲ್ಲೆಯಾದ್ಯಂತ ಶ್ರದ್ಧಾ ಭಕ್ತಿಯಿಂದ ಆಚರಿಸಲಾಯಿತು. ಬೆಳಿಗ್ಗೆಯೇ ಮಹಿಳೆಯರು, ಪುರುಷರು, ಮಕ್ಕಳು, ವೃದ್ಧರು ಸೇರಿದಂತೆ ಕುಟುಂಬ ಸಮೇತರಾಗಿ ಹುತ್ತಗಳು ಹಾಗೂ ನಾಗರಕಲ್ಲುಗಳು ಇರುವ ಸ್ಥಳಗಳಿಗೆ ತೆರಳಿ ಹೂವುಗಳಿಂದ ಅಲಂಕಾರ ಮಾಡಿ ಹುತ್ತಕ್ಕೆ ಹಾಲೆರೆದು ವಿಶೇಷ ಪೂಜೆ ಸಲ್ಲಿಸುವ ಮೂಲಕ ನಾಗದೇವರನ್ನು ಆರಾಧಿಸಿ ಭಕ್ತಿ ಸಮರ್ಪಿಸಿದರು. ನಗರದ ಕೋಡಿಬಸವಣ್ಣ ದೇವಾಲಯದ ಹಿಂಭಾಗದಲ್ಲಿರುವ ಅಮಾನಿಕೆರೆ ಏರಿ ಮೇಲಿನ ಹುತ್ತಗಳು, ನಾಗರಕಲ್ಲುಗಳಿಗೆ, ಬಾರ್‌ಲೈನ್ ರಸ್ತೆಯಲ್ಲಿರುವ ನಾಗರಕಲ್ಲುಗಳು ಸೇರಿದಂತೆ ವಿವಿಧ ಬಡಾವಣೆಗಳ ದೇವಾಲಯಗಳ ಬಳಿ ಇರುವ ಹುತ್ತಗಳು ಹಾಗೂ ನಾಗರಕಲ್ಲುಗಳಿಗೆ ಭಕ್ತಾದಿಗಳು
ನಾಗರಪಂಚಮಿ
ಬೆಳಿಗ್ಗೆಯೇ ನಾಗರಕಲ್ಲುಗಳಿಗೆ ಹಾಲೆರೆದು ಪೂಜೆ ಸಲ್ಲಿಸಿದರು. ಬೆಳಿಗ್ಗೆಯಿಂದಲೇ ಶ್ರದ್ಧಾ ಭಕ್ತಿಯಿಂದ ಹುತ್ತಗಳಿಗೆ ಪೂಜೆ ಸಲ್ಲಿಸಿ ನಾಗ ದೋಷಗಳಿಂದ ಮುಕ್ತರನ್ನಾಗಿ ಮಾಡುವಂತೆ ಭಕ್ತರು ಪ್ರಾರ್ಥಿಸುತ್ತಿದ್ದ ದೃಶ್ಯ ಸಾಮಾನ್ಯವಾಗಿತ್ತು. ನಾಗಾರಾಧನೆ ಭಾರತದ ಸಂಸ್ಕೃತಿಯ ಭಾಗವಾಗಿದ್ದು, ನಾಗರ ಪಂಚಮಿಯ ನಾಗದೇವರ ಆಸ್ತಿತ್ವವನ್ನು ಸ್ಮರಿಸುವ ಹಬ್ಬವಾಗಿದೆ. ಇದು ಶ್ರಾವಣ ಮಾಸದಲ್ಲಿ ಬರುವ ಪ್ರಮುಖ ಹಬ್ಬಗಳಲ್ಲಿ ಒಂದಾಗಿದ್ದು, ಈ ಹಬ್ಬವನ್ನು ಶ್ರಾವಣ ಮಾಸದ ಶುಕ್ಲ ಪಕ್ಷದ ಐದನೇ ದಿನದಂದು ಆಚರಿಸಲಾಗುತ್ತದೆ. ಶ್ರಾವಣಮಾಸದಲ್ಲಿ ಬರುವ ಈ ಹಬ್ಬವನ್ನು ನಗರ ಪ್ರದೇಶ, ಗ್ರಾಮೀಣ ಪ್ರದೇಶಗಳಲ್ಲೂ ಸಹ ಜನರು ನಾಗರಕಲ್ಲುಗಳಿಗೆ, ಹುತ್ತಗಳಿಗೆ ವಿಶೇಷ ಪೂಜೆಯೊಂದಿಗೆ ಭಕ್ತಿಭಾವದಿಂದ ಆಚರಿಸುವುದು ವಿಶೇಷವಾಗಿದೆ.
